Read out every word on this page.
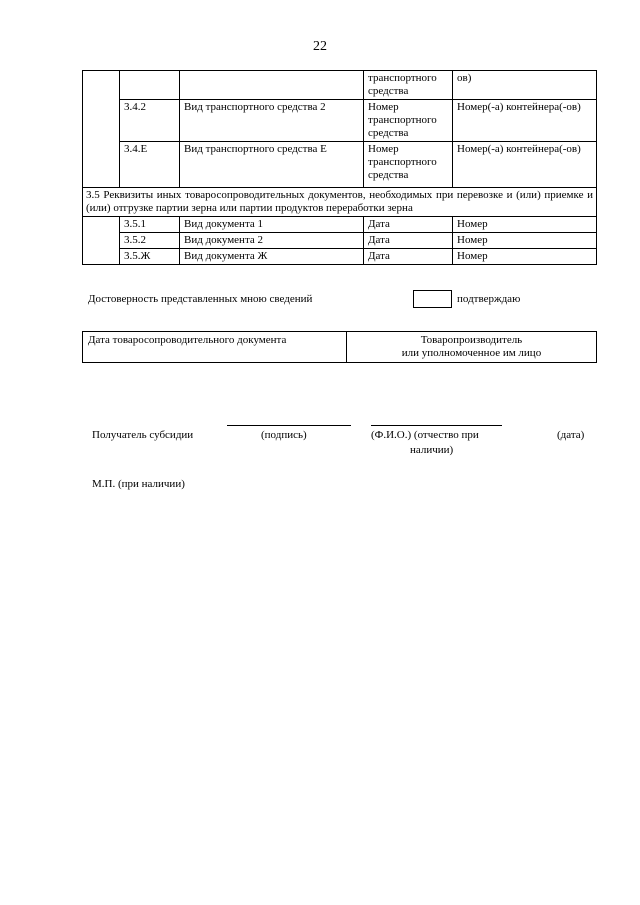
22
			транспортного средства	ов)
	3.4.2	Вид транспортного средства 2	Номер транспортного средства	Номер(-а) контейнера(-ов)
	3.4.E	Вид транспортного средства E	Номер транспортного средства	Номер(-а) контейнера(-ов)
3.5 Реквизиты иных товаросопроводительных документов, необходимых при перевозке и (или) приемке и (или) отгрузке партии зерна или партии продуктов переработки зерна				
	3.5.1	Вид документа 1	Дата	Номер
	3.5.2	Вид документа 2	Дата	Номер
	3.5.Ж	Вид документа Ж	Дата	Номер
Достоверность представленных мною сведений	подтверждаю
Дата товаросопроводительного документа	Товаропроизводитель
или уполномоченное им лицо
Получатель субсидии	(подпись)	(Ф.И.О.) (отчество при
наличии)
(дата)
М.П. (при наличии)
